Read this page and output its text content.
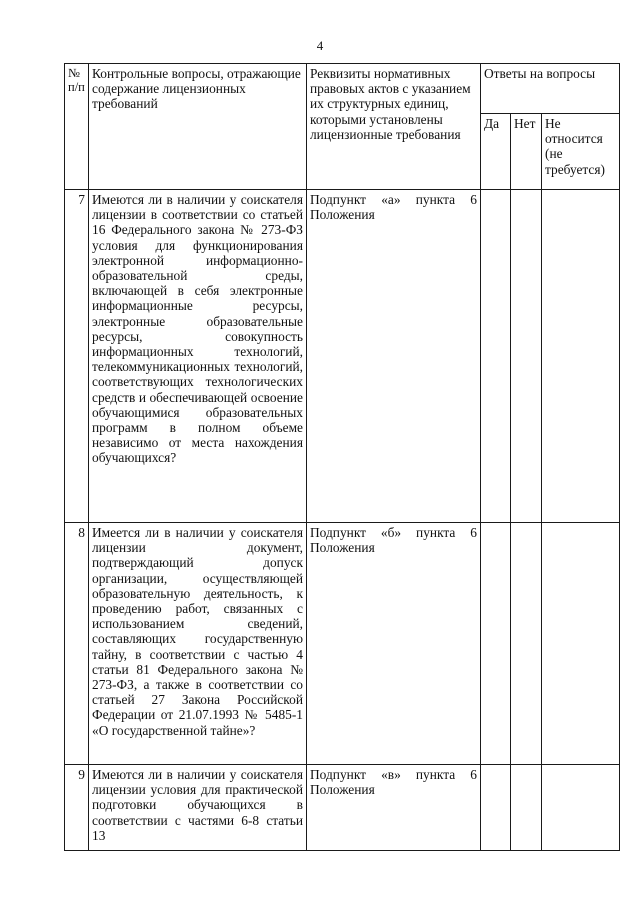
4
№ п/п	Контрольные вопросы, отражающие содержание лицензионных требований	Реквизиты нормативных правовых актов с указанием их структурных единиц, которыми установлены лицензионные требования	Ответы на вопросы		
			Да	Нет	Не относится (не требуется)
7	Имеются ли в наличии у соискателя лицензии в соответствии со статьей 16 Федерального закона № 273-ФЗ условия для функционирования электронной информационно-образовательной среды, включающей в себя электронные информационные ресурсы, электронные образовательные ресурсы, совокупность информационных технологий, телекоммуникационных технологий, соответствующих технологических средств и обеспечивающей освоение обучающимися образовательных программ в полном объеме независимо от места нахождения обучающихся?	Подпункт «а» пункта 6 Положения			

8	Имеется ли в наличии у соискателя лицензии документ, подтверждающий допуск организации, осуществляющей образовательную деятельность, к проведению работ, связанных с использованием сведений, составляющих государственную тайну, в соответствии с частью 4 статьи 81 Федерального закона № 273-ФЗ, а также в соответствии со статьей 27 Закона Российской Федерации от 21.07.1993 № 5485-1 «О государственной тайне»?	Подпункт «б» пункта 6 Положения			

9	Имеются ли в наличии у соискателя лицензии условия для практической подготовки обучающихся в соответствии с частями 6-8 статьи 13	Подпункт «в» пункта 6 Положения			
